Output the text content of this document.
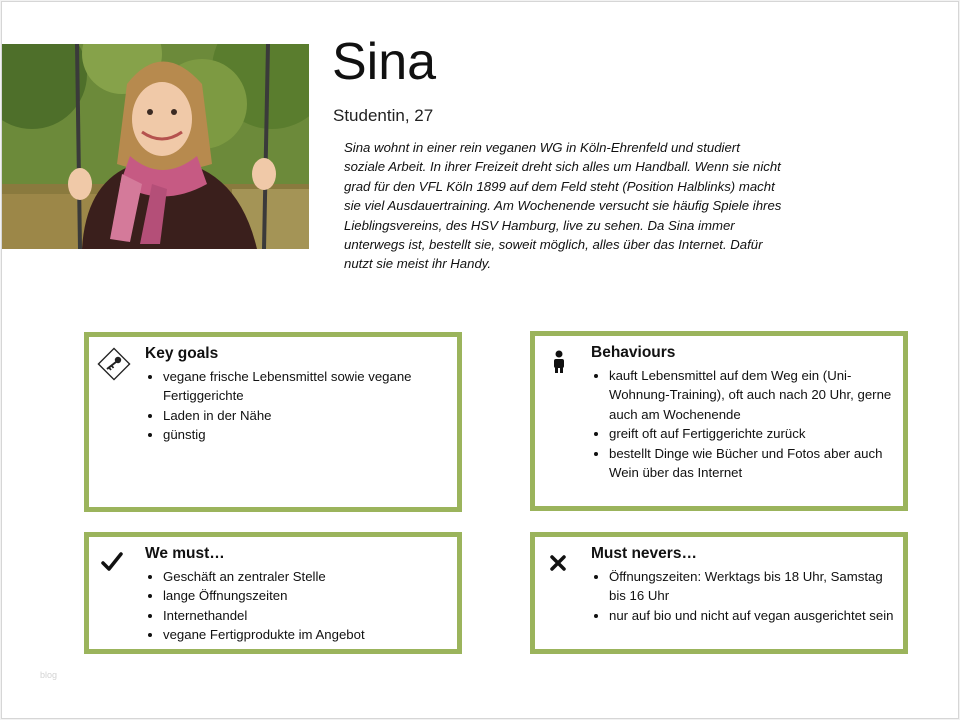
Sina
Studentin, 27
Sina wohnt in einer rein veganen WG in Köln-Ehrenfeld und studiert soziale Arbeit. In ihrer Freizeit dreht sich alles um Handball. Wenn sie nicht grad für den VFL Köln 1899 auf dem Feld steht (Position Halblinks) macht sie viel Ausdauertraining. Am Wochenende versucht sie häufig Spiele ihres Lieblingsvereins, des HSV Hamburg, live zu sehen. Da Sina immer unterwegs ist, bestellt sie, soweit möglich, alles über das Internet. Dafür nutzt sie meist ihr Handy.
Key goals
• vegane frische Lebensmittel sowie vegane Fertiggerichte
• Laden in der Nähe
• günstig
Behaviours
• kauft Lebensmittel auf dem Weg ein (Uni-Wohnung-Training), oft auch nach 20 Uhr, gerne auch am Wochenende
• greift oft auf Fertiggerichte zurück
• bestellt Dinge wie Bücher und Fotos aber auch Wein über das Internet
We must…
• Geschäft an zentraler Stelle
• lange Öffnungszeiten
• Internethandel
• vegane Fertigprodukte im Angebot
Must nevers…
• Öffnungszeiten: Werktags bis 18 Uhr, Samstag bis 16 Uhr
• nur auf bio und nicht auf vegan ausgerichtet sein
blog
